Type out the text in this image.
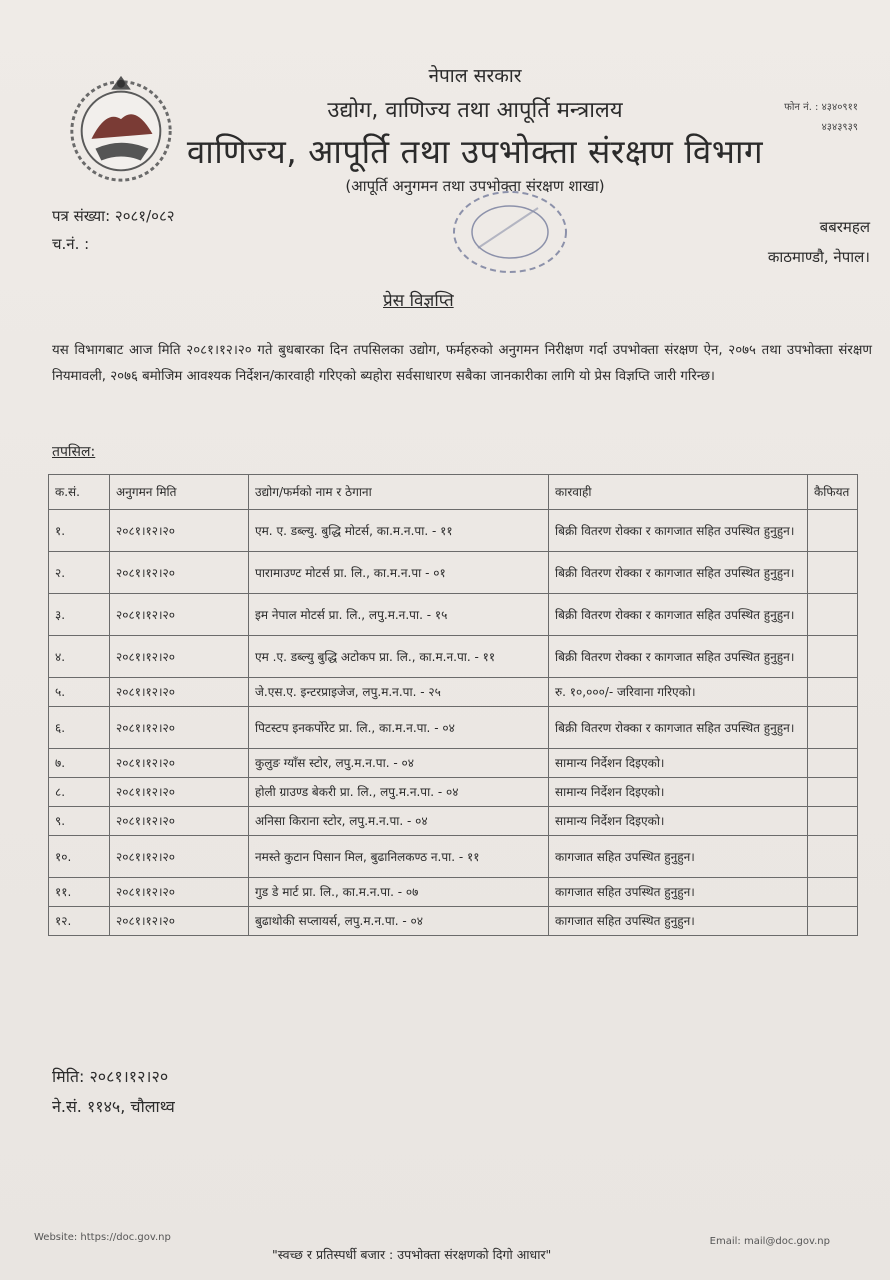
नेपाल सरकार
उद्योग, वाणिज्य तथा आपूर्ति मन्त्रालय
वाणिज्य, आपूर्ति तथा उपभोक्ता संरक्षण विभाग
(आपूर्ति अनुगमन तथा उपभोक्ता संरक्षण शाखा)
फोन नं. : ४३४०९११
४३४३९३९
पत्र संख्या: २०८१/०८२
च.नं. :
बबरमहल
काठमाण्डौ, नेपाल।
प्रेस विज्ञप्ति
यस विभागबाट आज मिति २०८१।१२।२० गते बुधबारका दिन तपसिलका उद्योग, फर्महरुको अनुगमन निरीक्षण गर्दा उपभोक्ता संरक्षण ऐन, २०७५ तथा उपभोक्ता संरक्षण नियमावली, २०७६ बमोजिम आवश्यक निर्देशन/कारवाही गरिएको ब्यहोरा सर्वसाधारण सबैका जानकारीका लागि यो प्रेस विज्ञप्ति जारी गरिन्छ।
तपसिल:
क.सं.	अनुगमन मिति	उद्योग/फर्मको नाम र ठेगाना	कारवाही	कैफियत
१.	२०८१।१२।२०	एम. ए. डब्ल्यु. बुद्धि मोटर्स, का.म.न.पा. - ११	बिक्री वितरण रोक्का र कागजात सहित उपस्थित हुनुहुन।	
२.	२०८१।१२।२०	पारामाउण्ट मोटर्स प्रा. लि., का.म.न.पा - ०१	बिक्री वितरण रोक्का र कागजात सहित उपस्थित हुनुहुन।	
३.	२०८१।१२।२०	इम नेपाल मोटर्स प्रा. लि., लपु.म.न.पा. - १५	बिक्री वितरण रोक्का र कागजात सहित उपस्थित हुनुहुन।	
४.	२०८१।१२।२०	एम .ए. डब्ल्यु बुद्धि अटोकप प्रा. लि., का.म.न.पा. - ११	बिक्री वितरण रोक्का र कागजात सहित उपस्थित हुनुहुन।	
५.	२०८१।१२।२०	जे.एस.ए. इन्टरप्राइजेज, लपु.म.न.पा. - २५	रु. १०,०००/- जरिवाना गरिएको।	
६.	२०८१।१२।२०	पिटस्टप इनकर्पोरेट प्रा. लि., का.म.न.पा. - ०४	बिक्री वितरण रोक्का र कागजात सहित उपस्थित हुनुहुन।	
७.	२०८१।१२।२०	कुलुङ ग्याँस स्टोर, लपु.म.न.पा. - ०४	सामान्य निर्देशन दिइएको।	
८.	२०८१।१२।२०	होली ग्राउण्ड बेकरी प्रा. लि., लपु.म.न.पा. - ०४	सामान्य निर्देशन दिइएको।	
९.	२०८१।१२।२०	अनिसा किराना स्टोर, लपु.म.न.पा. - ०४	सामान्य निर्देशन दिइएको।	
१०.	२०८१।१२।२०	नमस्ते कुटान पिसान मिल, बुढानिलकण्ठ न.पा. - ११	कागजात सहित उपस्थित हुनुहुन।	
११.	२०८१।१२।२०	गुड डे मार्ट प्रा. लि., का.म.न.पा. - ०७	कागजात सहित उपस्थित हुनुहुन।	
१२.	२०८१।१२।२०	बुढाथोकी सप्लायर्स, लपु.म.न.पा. - ०४	कागजात सहित उपस्थित हुनुहुन।	
मिति: २०८१।१२।२०
ने.सं. ११४५, चौलाथ्व
Website: https://doc.gov.np
"स्वच्छ र प्रतिस्पर्धी बजार : उपभोक्ता संरक्षणको दिगो आधार"
Email: mail@doc.gov.np
